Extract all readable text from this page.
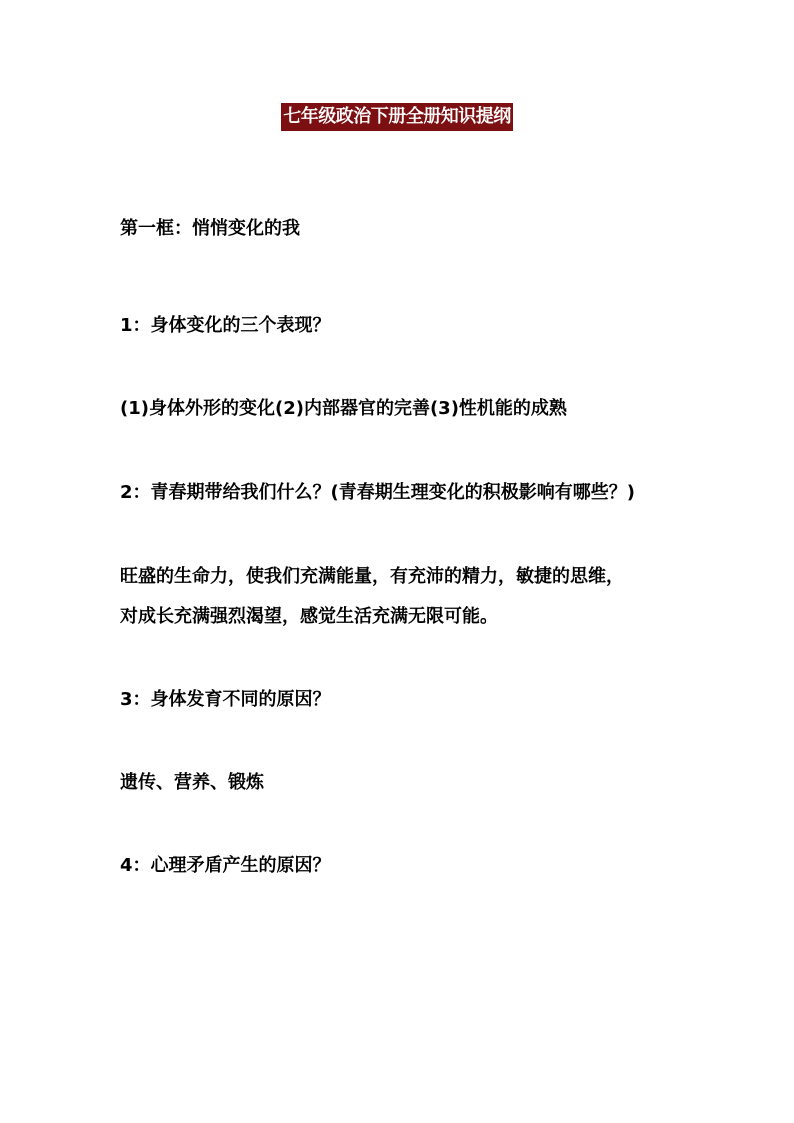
七年级政治下册全册知识提纲
第一框：悄悄变化的我
1：身体变化的三个表现？
(1)身体外形的变化(2)内部器官的完善(3)性机能的成熟
2：青春期带给我们什么？(青春期生理变化的积极影响有哪些？)
旺盛的生命力，使我们充满能量，有充沛的精力，敏捷的思维，
对成长充满强烈渴望，感觉生活充满无限可能。
3：身体发育不同的原因？
遗传、营养、锻炼
4：心理矛盾产生的原因？
